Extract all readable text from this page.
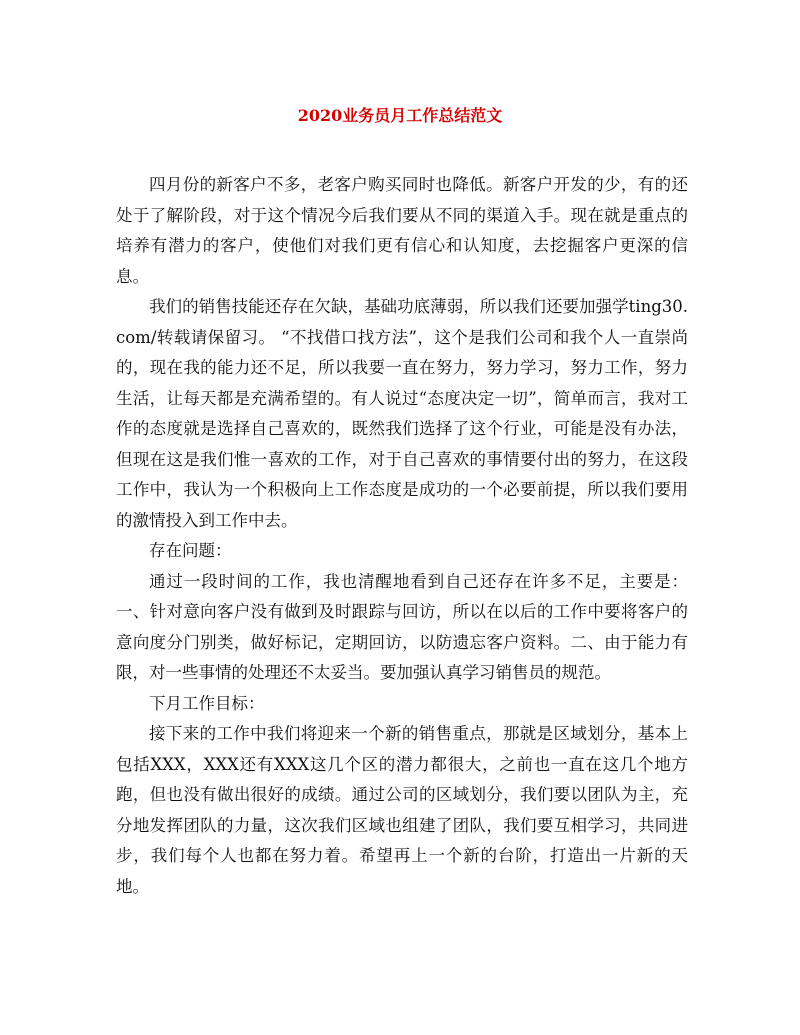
2020业务员月工作总结范文

四月份的新客户不多，老客户购买同时也降低。新客户开发的少，有的还处于了解阶段，对于这个情况今后我们要从不同的渠道入手。现在就是重点的培养有潜力的客户，使他们对我们更有信心和认知度，去挖掘客户更深的信息。

我们的销售技能还存在欠缺，基础功底薄弱，所以我们还要加强学ting30.com/转载请保留习。 “不找借口找方法”，这个是我们公司和我个人一直崇尚的，现在我的能力还不足，所以我要一直在努力，努力学习，努力工作，努力生活，让每天都是充满希望的。有人说过“态度决定一切”，简单而言，我对工作的态度就是选择自己喜欢的，既然我们选择了这个行业，可能是没有办法，但现在这是我们惟一喜欢的工作，对于自己喜欢的事情要付出的努力，在这段工作中，我认为一个积极向上工作态度是成功的一个必要前提，所以我们要用的激情投入到工作中去。

存在问题：

通过一段时间的工作，我也清醒地看到自己还存在许多不足，主要是：一、针对意向客户没有做到及时跟踪与回访，所以在以后的工作中要将客户的意向度分门别类，做好标记，定期回访，以防遗忘客户资料。二、由于能力有限，对一些事情的处理还不太妥当。要加强认真学习销售员的规范。

下月工作目标：

接下来的工作中我们将迎来一个新的销售重点，那就是区域划分，基本上包括XXX，XXX还有XXX这几个区的潜力都很大，之前也一直在这几个地方跑，但也没有做出很好的成绩。通过公司的区域划分，我们要以团队为主，充分地发挥团队的力量，这次我们区域也组建了团队，我们要互相学习，共同进步，我们每个人也都在努力着。希望再上一个新的台阶，打造出一片新的天地。
